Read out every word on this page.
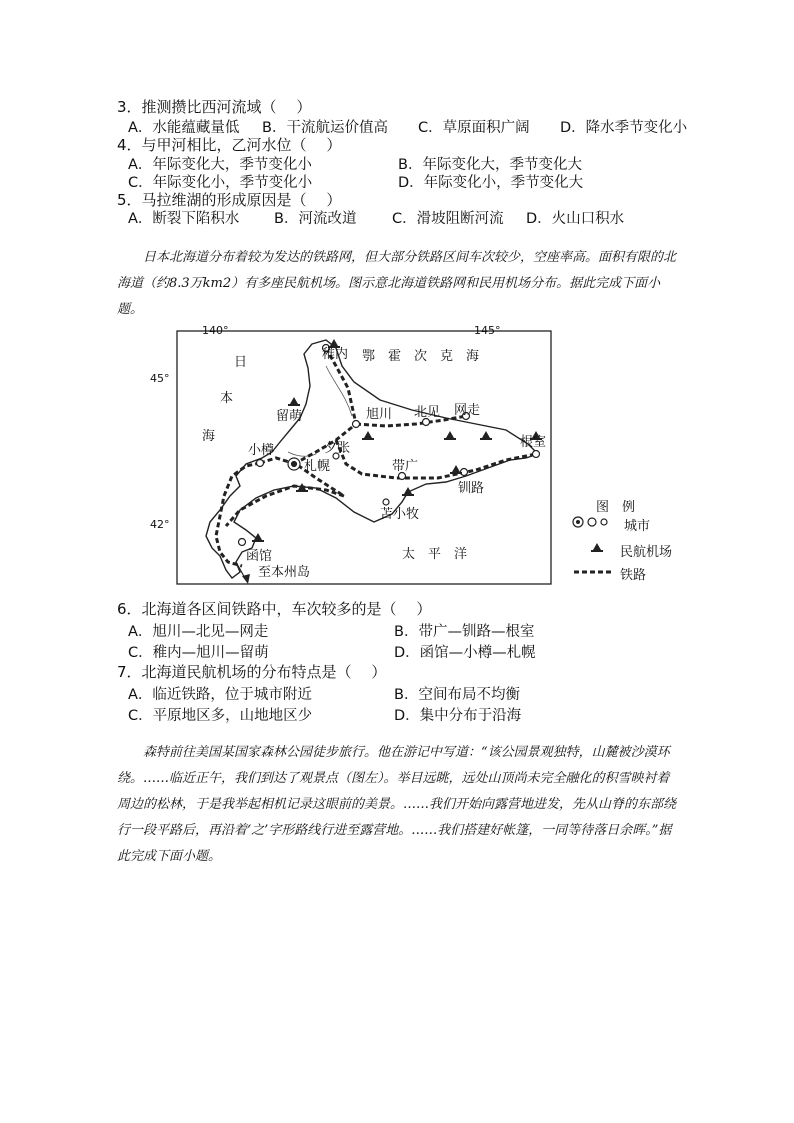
3．推测攒比西河流域（　 ）
A．水能蕴藏量低 B．干流航运价值高 C．草原面积广阔 D．降水季节变化小
4．与甲河相比，乙河水位（　 ）
A．年际变化大，季节变化小	B．年际变化大，季节变化大
C．年际变化小，季节变化小	D．年际变化小，季节变化大
5．马拉维湖的形成原因是（　 ）
A．断裂下陷积水 B．河流改道 C．滑坡阻断河流 D．火山口积水
　　日本北海道分布着较为发达的铁路网，但大部分铁路区间车次较少，空座率高。面积有限的北海道（约8.3万km2）有多座民航机场。图示意北海道铁路网和民用机场分布。据此完成下面小题。
140°	145°
45°
42°
日
本
海
鄂　霍　次　克　海
太　平　洋
稚内
留萌	旭川 北见 网走
小樽
札幌
夕张
带广
钏路
根室
苫小牧
函馆
至本州岛
图　例
城市
民航机场
铁路
6．北海道各区间铁路中，车次较多的是（　 ）
A．旭川—北见—网走	B．带广—钏路—根室
C．稚内—旭川—留萌	D．函馆—小樽—札幌
7．北海道民航机场的分布特点是（　 ）
A．临近铁路，位于城市附近	B．空间布局不均衡
C．平原地区多，山地地区少	D．集中分布于沿海
　　森特前往美国某国家森林公园徒步旅行。他在游记中写道：“该公园景观独特，山麓被沙漠环绕。……临近正午，我们到达了观景点（图左）。举目远眺，远处山顶尚未完全融化的积雪映衬着周边的松林，于是我举起相机记录这眼前的美景。……我们开始向露营地进发，先从山脊的东部绕行一段平路后，再沿着‘之’字形路线行进至露营地。……我们搭建好帐篷，一同等待落日余晖。”据此完成下面小题。
